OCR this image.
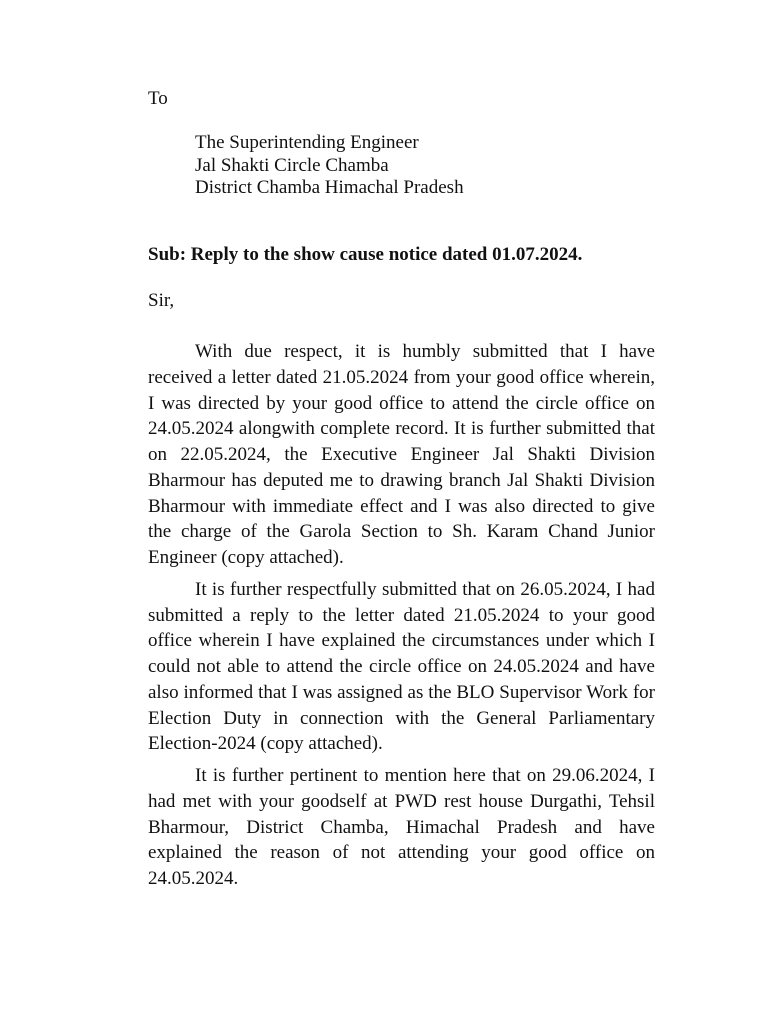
To
The Superintending Engineer
Jal Shakti Circle Chamba
District Chamba Himachal Pradesh
Sub: Reply to the show cause notice dated 01.07.2024.
Sir,

With due respect, it is humbly submitted that I have received a letter dated 21.05.2024 from your good office wherein, I was directed by your good office to attend the circle office on 24.05.2024 alongwith complete record. It is further submitted that on 22.05.2024, the Executive Engineer Jal Shakti Division Bharmour has deputed me to drawing branch Jal Shakti Division Bharmour with immediate effect and I was also directed to give the charge of the Garola Section to Sh. Karam Chand Junior Engineer (copy attached).

It is further respectfully submitted that on 26.05.2024, I had submitted a reply to the letter dated 21.05.2024 to your good office wherein I have explained the circumstances under which I could not able to attend the circle office on 24.05.2024 and have also informed that I was assigned as the BLO Supervisor Work for Election Duty in connection with the General Parliamentary Election-2024 (copy attached).

It is further pertinent to mention here that on 29.06.2024, I had met with your goodself at PWD rest house Durgathi, Tehsil Bharmour, District Chamba, Himachal Pradesh and have explained the reason of not attending your good office on 24.05.2024.
